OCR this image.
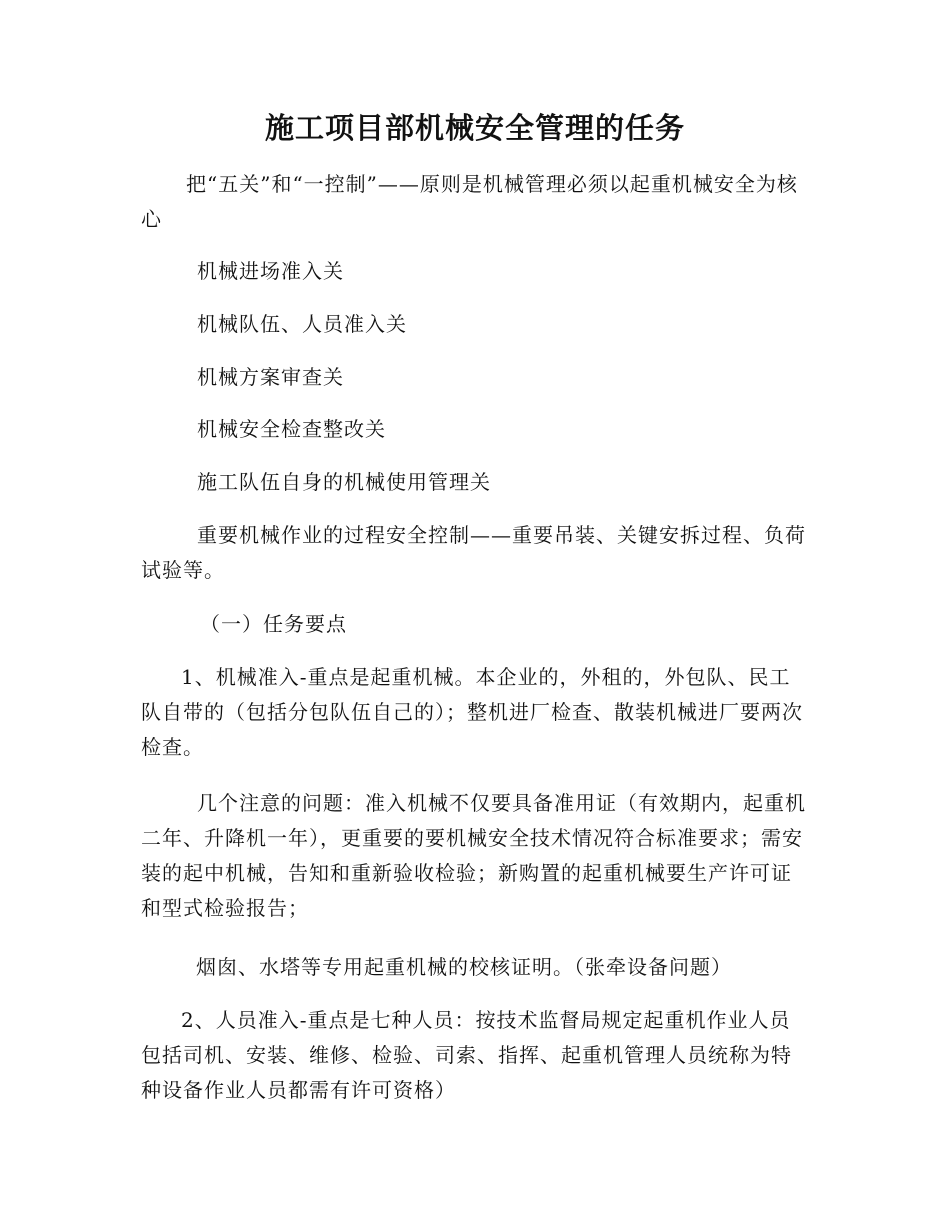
施工项目部机械安全管理的任务

把“五关”和“一控制”——原则是机械管理必须以起重机械安全为核心

机械进场准入关
机械队伍、人员准入关
机械方案审查关
机械安全检查整改关
施工队伍自身的机械使用管理关

重要机械作业的过程安全控制——重要吊装、关键安拆过程、负荷试验等。

（一）任务要点

1、机械准入-重点是起重机械。本企业的，外租的，外包队、民工队自带的（包括分包队伍自己的）；整机进厂检查、散装机械进厂要两次检查。

几个注意的问题：准入机械不仅要具备准用证（有效期内，起重机二年、升降机一年），更重要的要机械安全技术情况符合标准要求；需安装的起中机械，告知和重新验收检验；新购置的起重机械要生产许可证和型式检验报告；

烟囱、水塔等专用起重机械的校核证明。（张牵设备问题）

2、人员准入-重点是七种人员：按技术监督局规定起重机作业人员包括司机、安装、维修、检验、司索、指挥、起重机管理人员统称为特种设备作业人员都需有许可资格）
